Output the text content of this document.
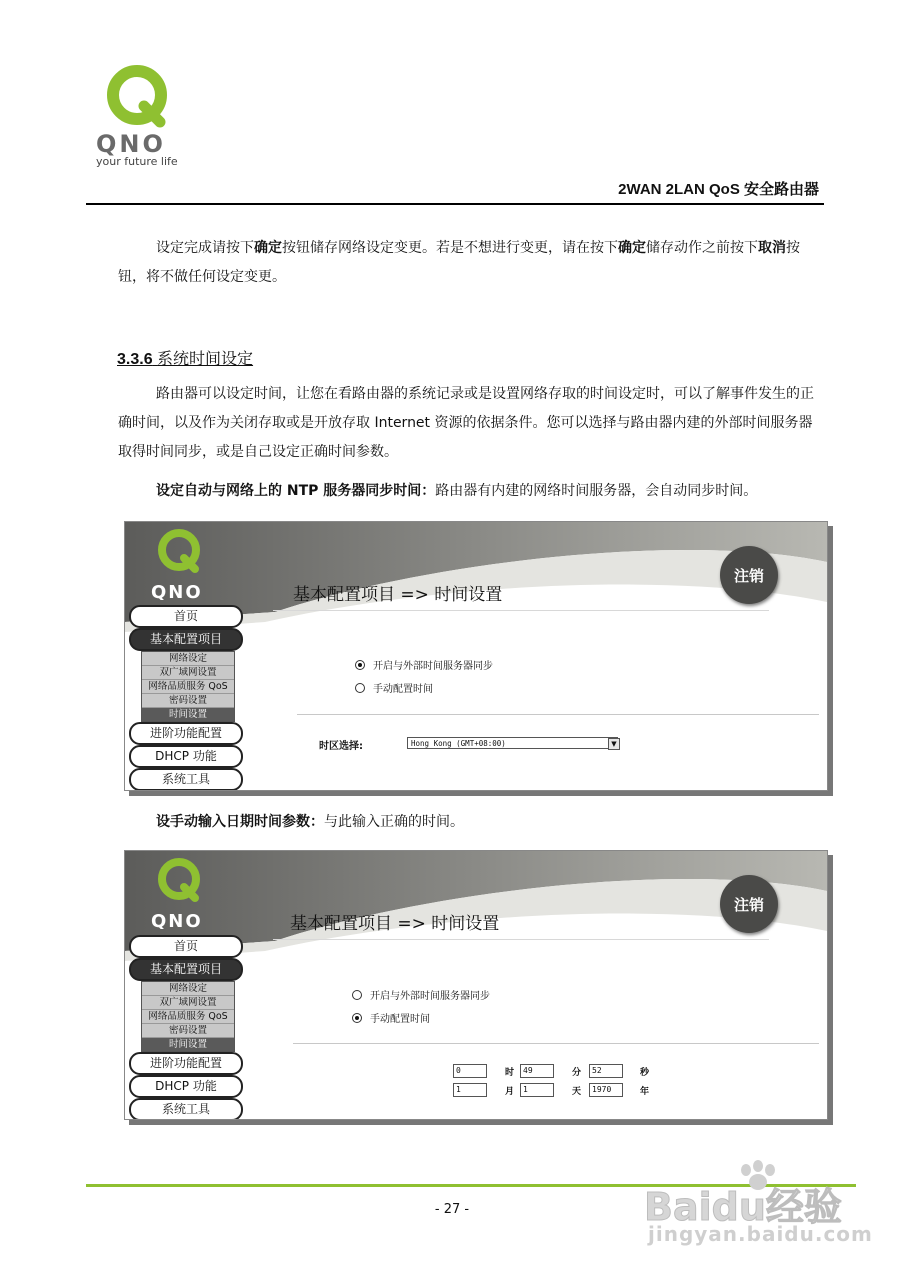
QNO
your future life
2WAN 2LAN QoS 安全路由器
设定完成请按下确定按钮储存网络设定变更。若是不想进行变更，请在按下确定储存动作之前按下取消按钮，将不做任何设定变更。
3.3.6 系统时间设定
路由器可以设定时间，让您在看路由器的系统记录或是设置网络存取的时间设定时，可以了解事件发生的正确时间，以及作为关闭存取或是开放存取 Internet 资源的依据条件。您可以选择与路由器内建的外部时间服务器取得时间同步，或是自己设定正确时间参数。
设定自动与网络上的 NTP 服务器同步时间：路由器有内建的网络时间服务器，会自动同步时间。
QNO
注销
基本配置项目 => 时间设置
首页
基本配置项目
网络设定
双广域网设置
网络品质服务 QoS
密码设置
时间设置
进阶功能配置
DHCP 功能
系统工具
开启与外部时间服务器同步
手动配置时间
时区选择:	Hong Kong (GMT+08:00)	▼
设手动输入日期时间参数：与此输入正确的时间。
QNO
注销
基本配置项目 => 时间设置
首页
基本配置项目
网络设定
双广域网设置
网络品质服务 QoS
密码设置
时间设置
进阶功能配置
DHCP 功能
系统工具
开启与外部时间服务器同步
手动配置时间
0	时	49	分	52	秒
1	月	1	天	1970	年
- 27 -	Baidu经验
jingyan.baidu.com
